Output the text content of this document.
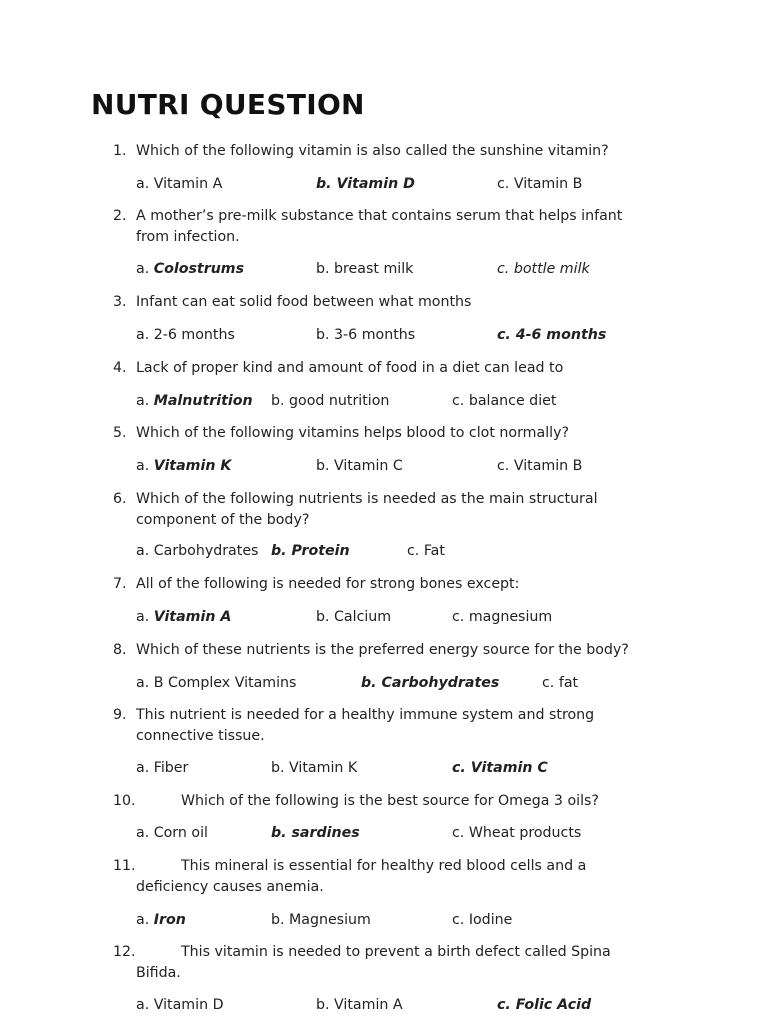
NUTRI QUESTION
1. Which of the following vitamin is also called the sunshine vitamin?
a. Vitamin A	b. Vitamin D	c. Vitamin B
2. A mother’s pre-milk substance that contains serum that helps infant
from infection.
a. Colostrums	b. breast milk	c. bottle milk
3. Infant can eat solid food between what months
a. 2-6 months	b. 3-6 months	c. 4-6 months
4. Lack of proper kind and amount of food in a diet can lead to
a. Malnutrition b. good nutrition	c. balance diet
5. Which of the following vitamins helps blood to clot normally?
a. Vitamin K	b. Vitamin C	c. Vitamin B
6. Which of the following nutrients is needed as the main structural
component of the body?
a. Carbohydrates b. Protein	c. Fat
7. All of the following is needed for strong bones except:
a. Vitamin A	b. Calcium	c. magnesium
8. Which of these nutrients is the preferred energy source for the body?
a. B Complex Vitamins	b. Carbohydrates	c. fat
9. This nutrient is needed for a healthy immune system and strong
connective tissue.
a. Fiber	b. Vitamin K	c. Vitamin C
10.	Which of the following is the best source for Omega 3 oils?
a. Corn oil	b. sardines	c. Wheat products
11.	This mineral is essential for healthy red blood cells and a
deficiency causes anemia.
a. Iron	b. Magnesium	c. Iodine
12.	This vitamin is needed to prevent a birth defect called Spina
Bifida.
a. Vitamin D	b. Vitamin A	c. Folic Acid
